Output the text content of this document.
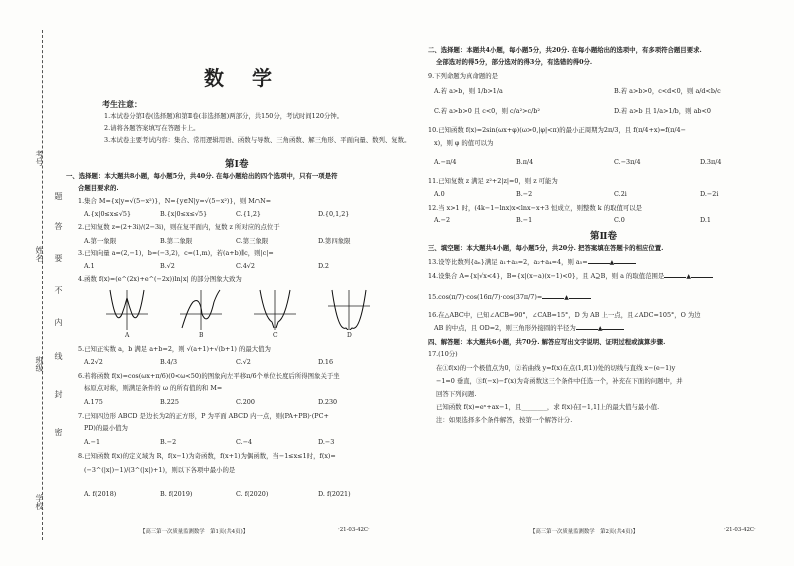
考号
姓名
班级
学校
密
封
线
内
不
要
答
题
数学
考生注意：
1.本试卷分第Ⅰ卷(选择题)和第Ⅱ卷(非选择题)两部分，共150分，考试时间120分钟。
2.请将各题答案填写在答题卡上。
3.本试卷主要考试内容：集合、常用逻辑用语、函数与导数、三角函数、解三角形、平面向量、数列、复数。
第Ⅰ卷
一、选择题：本大题共8小题，每小题5分，共40分. 在每小题给出的四个选项中，只有一项是符
合题目要求的.
1.集合 M={x|y=√(5−x²)}，N={y∈N|y=√(5−x²)}，则 M∩N=
A.{x|0≤x≤√5}	B.{x|0≤x≤√5}	C.{1,2}	D.{0,1,2}
2.已知复数 z=(2+3i)/(2−3i)，则在复平面内，复数 z 所对应的点位于
A.第一象限	B.第二象限	C.第三象限	D.第四象限
3.已知向量 a=(2,−1)，b=(−3,2)，c=(1,m)，若(a+b)∥c，则|c|=
A.1	B.√2	C.4√2	D.2
4.函数 f(x)=(e^(2x)+e^(−2x))ln|x| 的部分图象大致为
A	B	C	D
5.已知正实数 a，b 满足 a+b=2，则 √(a+1)+√(b+1) 的最大值为
A.2√2	B.4/3	C.√2	D.16
6.若将函数 f(x)=cos(ωx+π/6)(0<ω<50)的图象向左平移π/6个单位长度后所得图象关于坐
标原点对称，则满足条件的 ω 的所有值的和 M=
A.175	B.225	C.200	D.230
7.已知四边形 ABCD 是边长为2的正方形，P 为平面 ABCD 内一点，则(PA+PB)·(PC+
PD)的最小值为
A.−1	B.−2	C.−4	D.−3
8.已知函数 f(x)的定义域为 R，f(x−1)为奇函数，f(x+1)为偶函数，当−1≤x≤1时，f(x)=
(−3^(|x|)−1)/(3^(|x|)+1)，则以下各项中最小的是
A. f(2018)	B. f(2019)	C. f(2020)	D. f(2021)
【高三第一次质量监测数学　第1页(共4页)】	·21-03-42C·
二、选择题：本题共4小题，每小题5分，共20分. 在每小题给出的选项中，有多项符合题目要求.
全部选对的得5分，部分选对的得3分，有选错的得0分.
9.下列命题为真命题的是
A.若 a>b，则 1/b>1/a	B.若 a>b>0，c<d<0，则 a/d<b/c
C.若 a>b>0 且 c<0，则 c/a²>c/b²	D.若 a>b 且 1/a>1/b，则 ab<0
10.已知函数 f(x)=2sin(ωx+φ)(ω>0,|φ|<π)的最小正周期为2π/3，且 f(π/4+x)=f(π/4−
x)，则 φ 的值可以为
A.−π/4	B.π/4	C.−3π/4	D.3π/4
11.已知复数 z 满足 z²+2|z|=0，则 z 可能为
A.0	B.−2	C.2i	D.−2i
12.当 x>1 时，(4k−1−lnx)x<lnx−x+3 恒成立，则整数 k 的取值可以是
A.−2	B.−1	C.0	D.1
第Ⅱ卷
三、填空题：本大题共4小题，每小题5分，共20分. 把答案填在答题卡的相应位置.
13.设等比数列{aₙ}满足 a₁+a₃=2，a₂+a₄=4，则 a₅=	▲
14.设集合 A={x|√x<4}，B={x|(x−a)(x−1)<0}，且 A⊇B，则 a 的取值范围是	▲
15.cos(π/7)·cos(16π/7)·cos(37π/7)=	▲
16.在△ABC中，已知∠ACB=90°，∠CAB=15°，D 为 AB 上一点，且∠ADC=105°，O 为边
AB 的中点，且 OD=2，则三角形外接圆的半径为	▲
四、解答题：本大题共6小题，共70分. 解答应写出文字说明、证明过程或演算步骤.
17.(10分)
在①f(x)的一个极值点为0，②若曲线 y=f(x)在点(1,f(1))处的切线与直线 x−(e−1)y
−1=0 垂直，③f(−x)−f′(x)为奇函数这三个条件中任选一个，补充在下面的问题中，并
回答下列问题.
已知函数 f(x)=eˣ+ax−1，且________，求 f(x)在[−1,1]上的最大值与最小值.
注：如果选择多个条件解答，按第一个解答计分.
【高三第一次质量监测数学　第2页(共4页)】	·21-03-42C·
